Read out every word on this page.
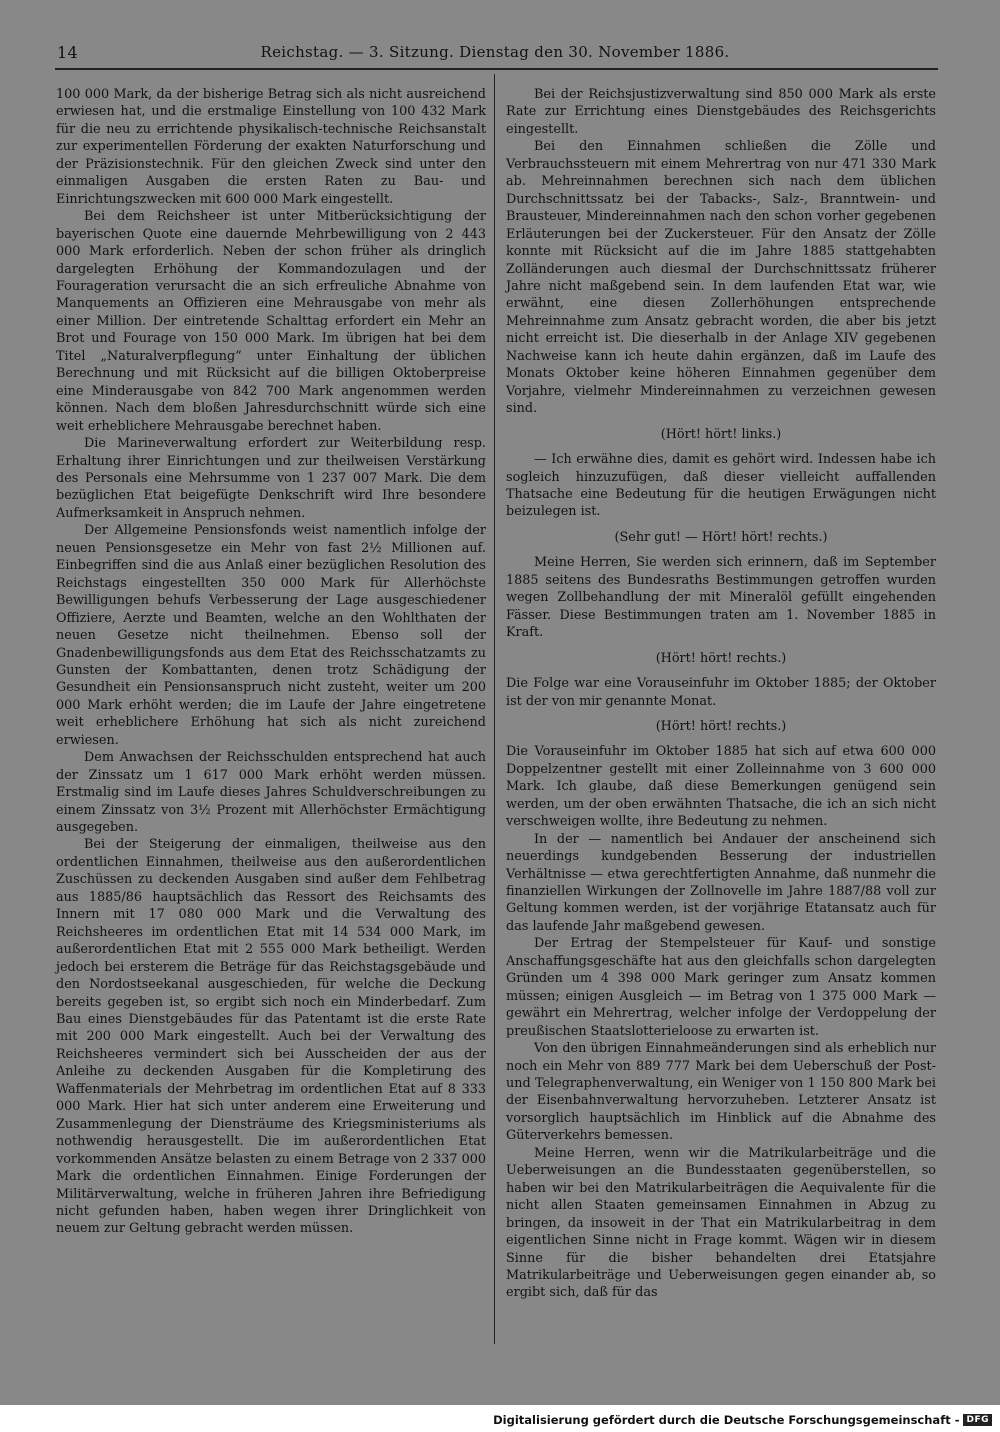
14	Reichstag. — 3. Sitzung. Dienstag den 30. November 1886.

100 000 Mark, da der bisherige Betrag sich als nicht ausreichend erwiesen hat, und die erstmalige Einstellung von 100 432 Mark für die neu zu errichtende physikalisch-technische Reichsanstalt zur experimentellen Förderung der exakten Naturforschung und der Präzisionstechnik. Für den gleichen Zweck sind unter den einmaligen Ausgaben die ersten Raten zu Bau- und Einrichtungszwecken mit 600 000 Mark eingestellt.

Bei dem Reichsheer ist unter Mitberücksichtigung der bayerischen Quote eine dauernde Mehrbewilligung von 2 443 000 Mark erforderlich. Neben der schon früher als dringlich dargelegten Erhöhung der Kommandozulagen und der Fourageration verursacht die an sich erfreuliche Abnahme von Manquements an Offizieren eine Mehrausgabe von mehr als einer Million. Der eintretende Schalttag erfordert ein Mehr an Brot und Fourage von 150 000 Mark. Im übrigen hat bei dem Titel „Naturalverpflegung“ unter Einhaltung der üblichen Berechnung und mit Rücksicht auf die billigen Oktoberpreise eine Minderausgabe von 842 700 Mark angenommen werden können. Nach dem bloßen Jahresdurchschnitt würde sich eine weit erheblichere Mehrausgabe berechnet haben.

Die Marineverwaltung erfordert zur Weiterbildung resp. Erhaltung ihrer Einrichtungen und zur theilweisen Verstärkung des Personals eine Mehrsumme von 1 237 007 Mark. Die dem bezüglichen Etat beigefügte Denkschrift wird Ihre besondere Aufmerksamkeit in Anspruch nehmen.

Der Allgemeine Pensionsfonds weist namentlich infolge der neuen Pensionsgesetze ein Mehr von fast 2½ Millionen auf. Einbegriffen sind die aus Anlaß einer bezüglichen Resolution des Reichstags eingestellten 350 000 Mark für Allerhöchste Bewilligungen behufs Verbesserung der Lage ausgeschiedener Offiziere, Aerzte und Beamten, welche an den Wohlthaten der neuen Gesetze nicht theilnehmen. Ebenso soll der Gnadenbewilligungsfonds aus dem Etat des Reichsschatzamts zu Gunsten der Kombattanten, denen trotz Schädigung der Gesundheit ein Pensionsanspruch nicht zusteht, weiter um 200 000 Mark erhöht werden; die im Laufe der Jahre eingetretene weit erheblichere Erhöhung hat sich als nicht zureichend erwiesen.

Dem Anwachsen der Reichsschulden entsprechend hat auch der Zinssatz um 1 617 000 Mark erhöht werden müssen. Erstmalig sind im Laufe dieses Jahres Schuldverschreibungen zu einem Zinssatz von 3½ Prozent mit Allerhöchster Ermächtigung ausgegeben.

Bei der Steigerung der einmaligen, theilweise aus den ordentlichen Einnahmen, theilweise aus den außerordentlichen Zuschüssen zu deckenden Ausgaben sind außer dem Fehlbetrag aus 1885/86 hauptsächlich das Ressort des Reichsamts des Innern mit 17 080 000 Mark und die Verwaltung des Reichsheeres im ordentlichen Etat mit 14 534 000 Mark, im außerordentlichen Etat mit 2 555 000 Mark betheiligt. Werden jedoch bei ersterem die Beträge für das Reichstagsgebäude und den Nordostseekanal ausgeschieden, für welche die Deckung bereits gegeben ist, so ergibt sich noch ein Minderbedarf. Zum Bau eines Dienstgebäudes für das Patentamt ist die erste Rate mit 200 000 Mark eingestellt. Auch bei der Verwaltung des Reichsheeres vermindert sich bei Ausscheiden der aus der Anleihe zu deckenden Ausgaben für die Kompletirung des Waffenmaterials der Mehrbetrag im ordentlichen Etat auf 8 333 000 Mark. Hier hat sich unter anderem eine Erweiterung und Zusammenlegung der Diensträume des Kriegsministeriums als nothwendig herausgestellt. Die im außerordentlichen Etat vorkommenden Ansätze belasten zu einem Betrage von 2 337 000 Mark die ordentlichen Einnahmen. Einige Forderungen der Militärverwaltung, welche in früheren Jahren ihre Befriedigung nicht gefunden haben, haben wegen ihrer Dringlichkeit von neuem zur Geltung gebracht werden müssen.

Bei der Reichsjustizverwaltung sind 850 000 Mark als erste Rate zur Errichtung eines Dienstgebäudes des Reichsgerichts eingestellt.

Bei den Einnahmen schließen die Zölle und Verbrauchssteuern mit einem Mehrertrag von nur 471 330 Mark ab. Mehreinnahmen berechnen sich nach dem üblichen Durchschnittssatz bei der Tabacks-, Salz-, Branntwein- und Brausteuer, Mindereinnahmen nach den schon vorher gegebenen Erläuterungen bei der Zuckersteuer. Für den Ansatz der Zölle konnte mit Rücksicht auf die im Jahre 1885 stattgehabten Zolländerungen auch diesmal der Durchschnittssatz früherer Jahre nicht maßgebend sein. In dem laufenden Etat war, wie erwähnt, eine diesen Zollerhöhungen entsprechende Mehreinnahme zum Ansatz gebracht worden, die aber bis jetzt nicht erreicht ist. Die dieserhalb in der Anlage XIV gegebenen Nachweise kann ich heute dahin ergänzen, daß im Laufe des Monats Oktober keine höheren Einnahmen gegenüber dem Vorjahre, vielmehr Mindereinnahmen zu verzeichnen gewesen sind.

(Hört! hört! links.)

— Ich erwähne dies, damit es gehört wird. Indessen habe ich sogleich hinzuzufügen, daß dieser vielleicht auffallenden Thatsache eine Bedeutung für die heutigen Erwägungen nicht beizulegen ist.

(Sehr gut! — Hört! hört! rechts.)

Meine Herren, Sie werden sich erinnern, daß im September 1885 seitens des Bundesraths Bestimmungen getroffen wurden wegen Zollbehandlung der mit Mineralöl gefüllt eingehenden Fässer. Diese Bestimmungen traten am 1. November 1885 in Kraft.

(Hört! hört! rechts.)

Die Folge war eine Vorauseinfuhr im Oktober 1885; der Oktober ist der von mir genannte Monat.

(Hört! hört! rechts.)

Die Vorauseinfuhr im Oktober 1885 hat sich auf etwa 600 000 Doppelzentner gestellt mit einer Zolleinnahme von 3 600 000 Mark. Ich glaube, daß diese Bemerkungen genügend sein werden, um der oben erwähnten Thatsache, die ich an sich nicht verschweigen wollte, ihre Bedeutung zu nehmen.

In der — namentlich bei Andauer der anscheinend sich neuerdings kundgebenden Besserung der industriellen Verhältnisse — etwa gerechtfertigten Annahme, daß nunmehr die finanziellen Wirkungen der Zollnovelle im Jahre 1887/88 voll zur Geltung kommen werden, ist der vorjährige Etatansatz auch für das laufende Jahr maßgebend gewesen.

Der Ertrag der Stempelsteuer für Kauf- und sonstige Anschaffungsgeschäfte hat aus den gleichfalls schon dargelegten Gründen um 4 398 000 Mark geringer zum Ansatz kommen müssen; einigen Ausgleich — im Betrag von 1 375 000 Mark — gewährt ein Mehrertrag, welcher infolge der Verdoppelung der preußischen Staatslotterieloose zu erwarten ist.

Von den übrigen Einnahmeänderungen sind als erheblich nur noch ein Mehr von 889 777 Mark bei dem Ueberschuß der Post- und Telegraphenverwaltung, ein Weniger von 1 150 800 Mark bei der Eisenbahnverwaltung hervorzuheben. Letzterer Ansatz ist vorsorglich hauptsächlich im Hinblick auf die Abnahme des Güterverkehrs bemessen.

Meine Herren, wenn wir die Matrikularbeiträge und die Ueberweisungen an die Bundesstaaten gegenüberstellen, so haben wir bei den Matrikularbeiträgen die Aequivalente für die nicht allen Staaten gemeinsamen Einnahmen in Abzug zu bringen, da insoweit in der That ein Matrikularbeitrag in dem eigentlichen Sinne nicht in Frage kommt. Wägen wir in diesem Sinne für die bisher behandelten drei Etatsjahre Matrikularbeiträge und Ueberweisungen gegen einander ab, so ergibt sich, daß für das

Digitalisierung gefördert durch die Deutsche Forschungsgemeinschaft - DFG
